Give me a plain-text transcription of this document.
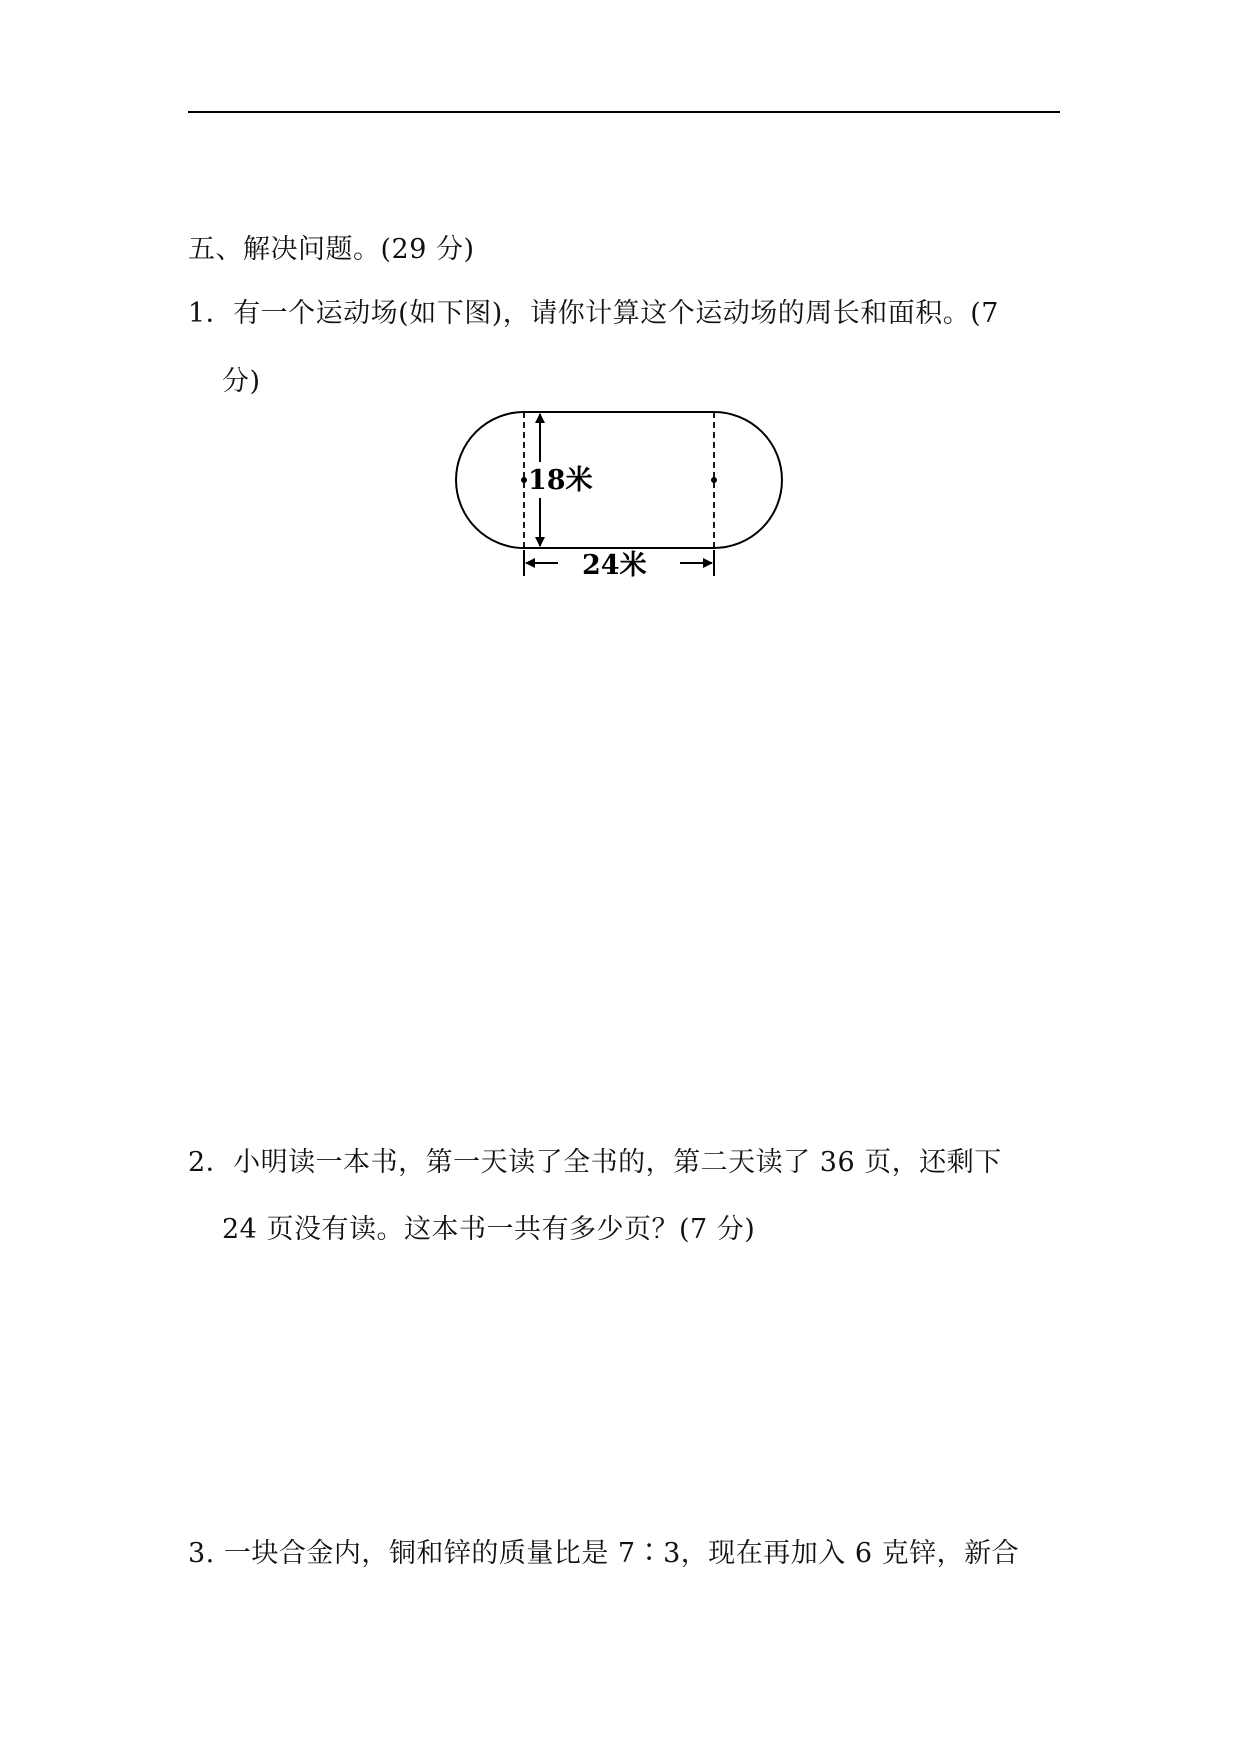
五、解决问题。(29 分)
1．有一个运动场(如下图)，请你计算这个运动场的周长和面积。(7
分)
18米
24米
2．小明读一本书，第一天读了全书的，第二天读了 36 页，还剩下
24 页没有读。这本书一共有多少页？(7 分)
3. 一块合金内，铜和锌的质量比是 7∶3，现在再加入 6 克锌，新合
